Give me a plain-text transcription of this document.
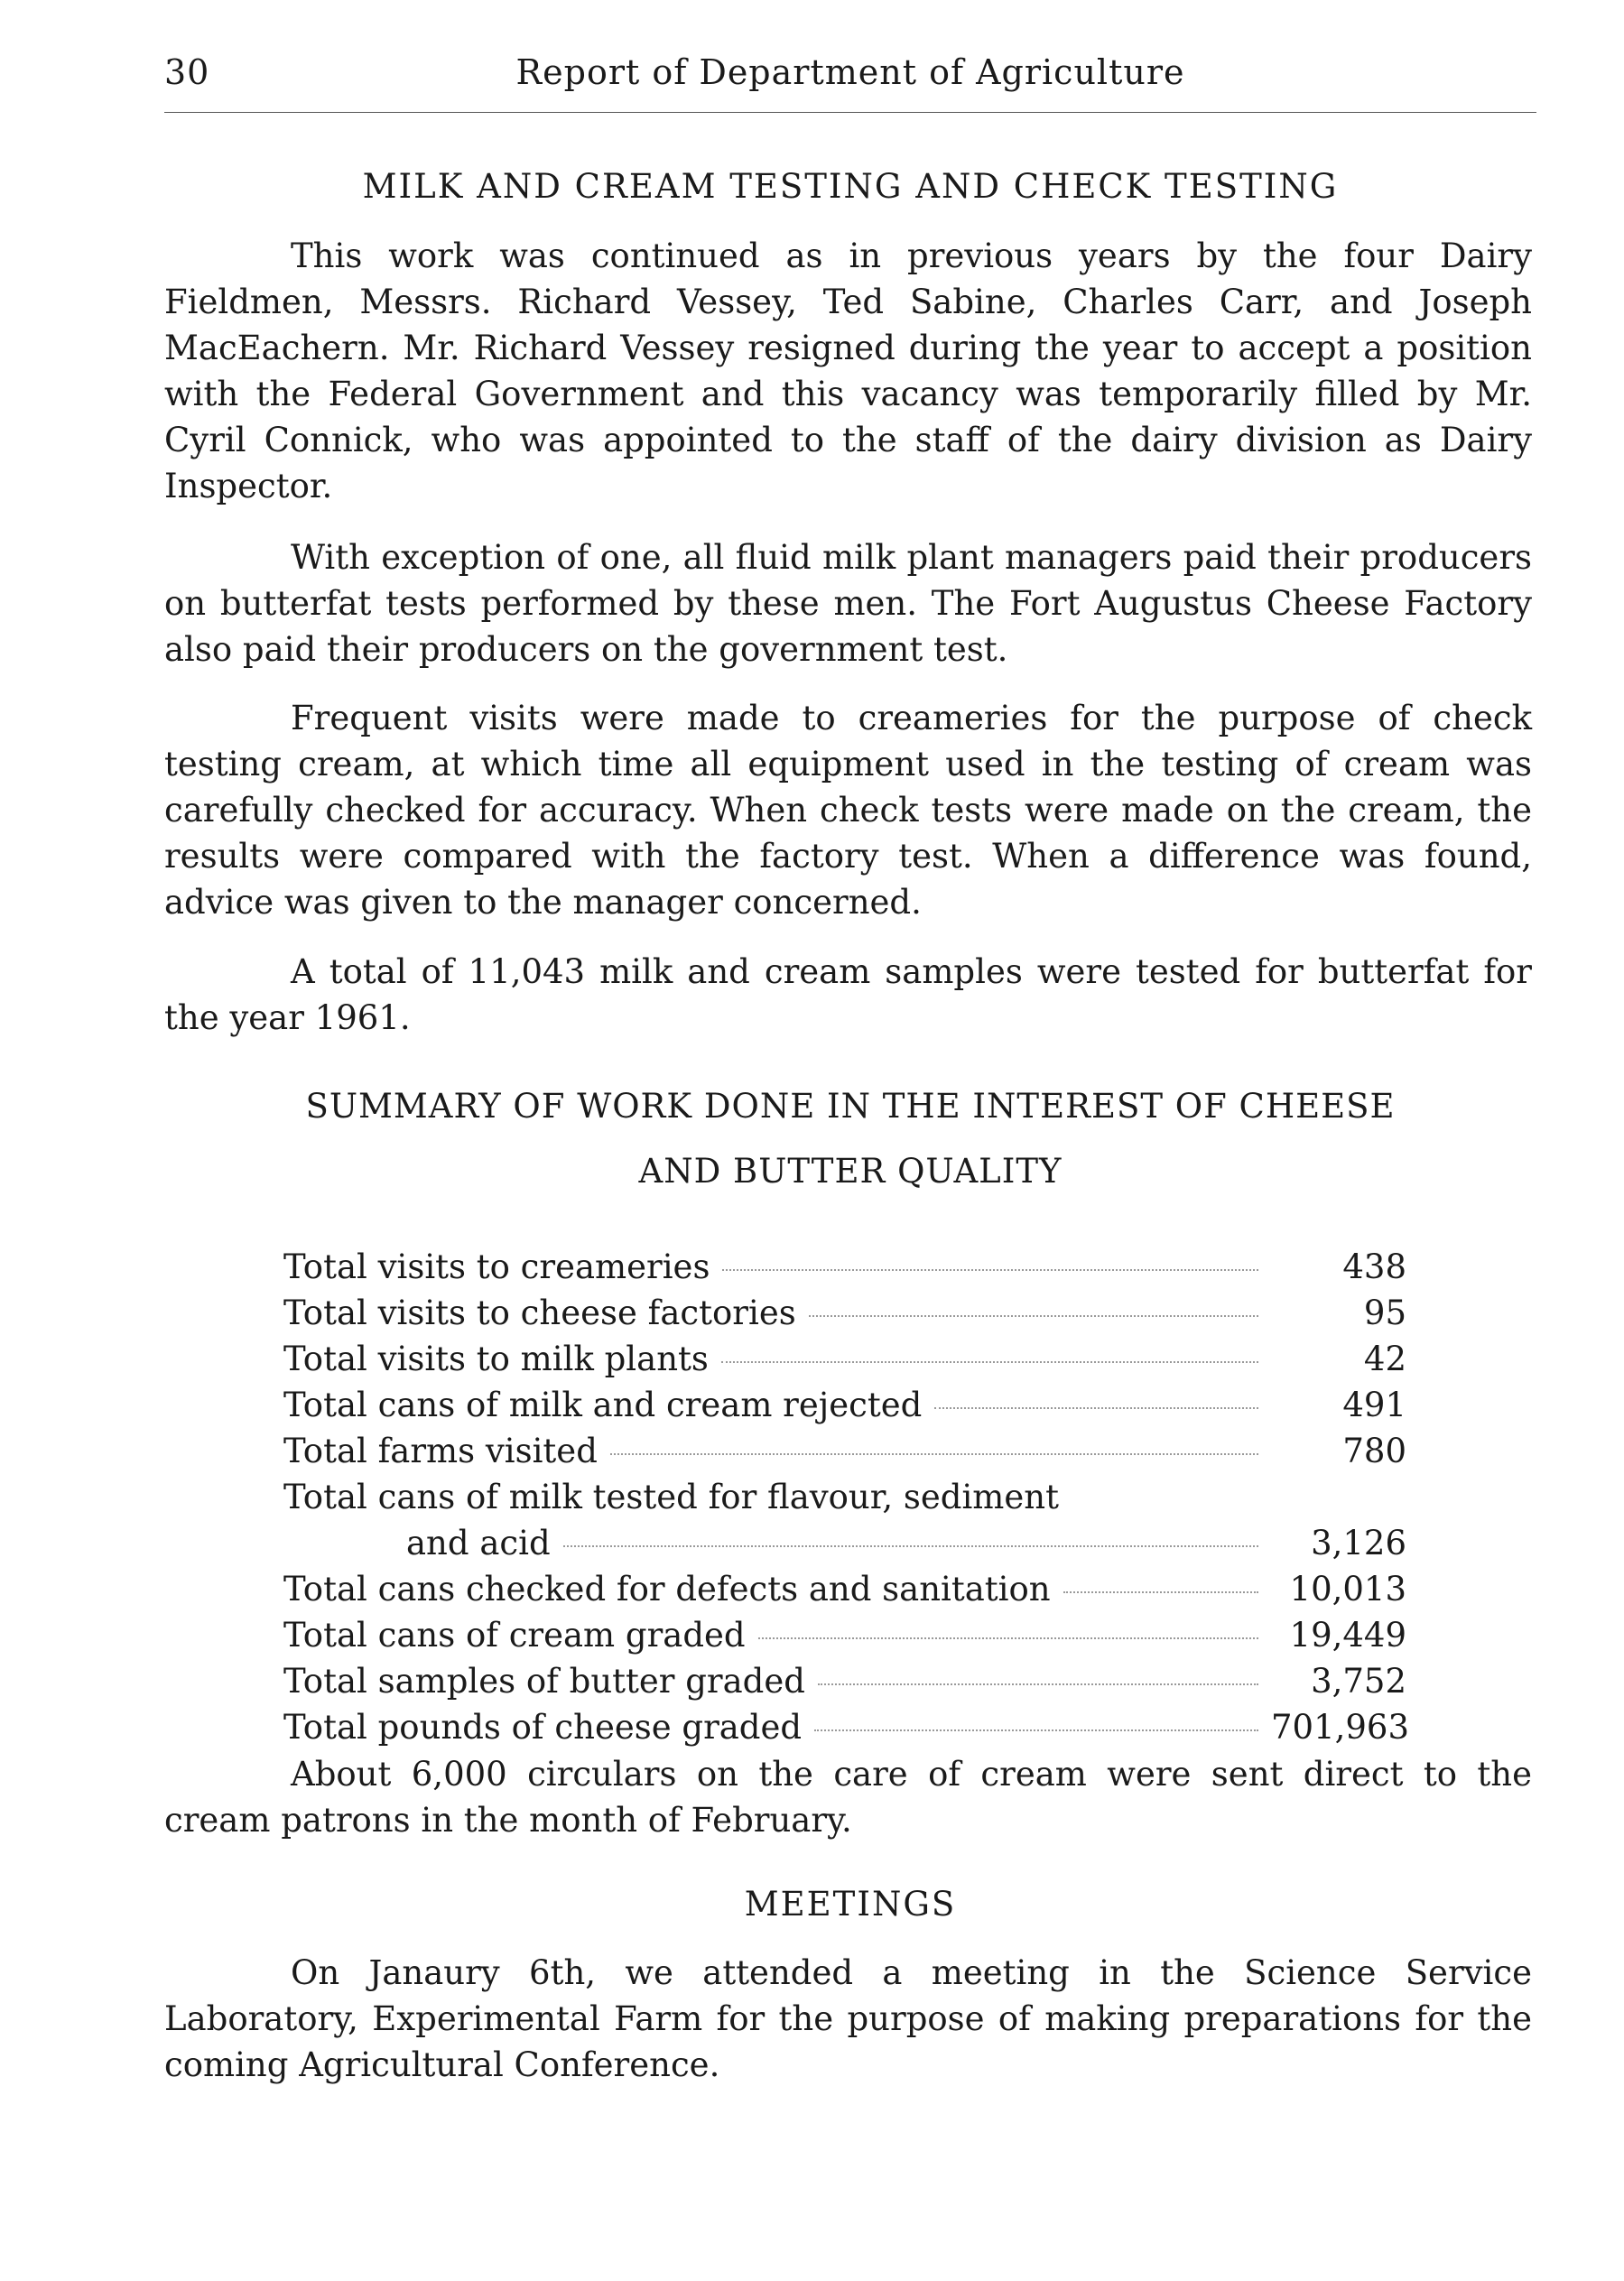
30	Report of Department of Agriculture
MILK AND CREAM TESTING AND CHECK TESTING

This work was continued as in previous years by the four Dairy Fieldmen, Messrs. Richard Vessey, Ted Sabine, Charles Carr, and Joseph MacEachern. Mr. Richard Vessey resigned during the year to accept a position with the Federal Government and this vacancy was temporarily filled by Mr. Cyril Connick, who was appointed to the staff of the dairy division as Dairy Inspector.

With exception of one, all fluid milk plant managers paid their producers on butterfat tests performed by these men. The Fort Augustus Cheese Factory also paid their producers on the government test.

Frequent visits were made to creameries for the purpose of check testing cream, at which time all equipment used in the testing of cream was carefully checked for accuracy. When check tests were made on the cream, the results were compared with the factory test. When a difference was found, advice was given to the manager concerned.

A total of 11,043 milk and cream samples were tested for butterfat for the year 1961.

SUMMARY OF WORK DONE IN THE INTEREST OF CHEESE
AND BUTTER QUALITY
Total visits to creameries	438
Total visits to cheese factories	95
Total visits to milk plants	42
Total cans of milk and cream rejected	491
Total farms visited	780
Total cans of milk tested for flavour, sediment
and acid	3,126
Total cans checked for defects and sanitation	10,013
Total cans of cream graded	19,449
Total samples of butter graded	3,752
Total pounds of cheese graded	701,963

About 6,000 circulars on the care of cream were sent direct to the cream patrons in the month of February.

MEETINGS

On Janaury 6th, we attended a meeting in the Science Service Laboratory, Experimental Farm for the purpose of making preparations for the coming Agricultural Conference.
